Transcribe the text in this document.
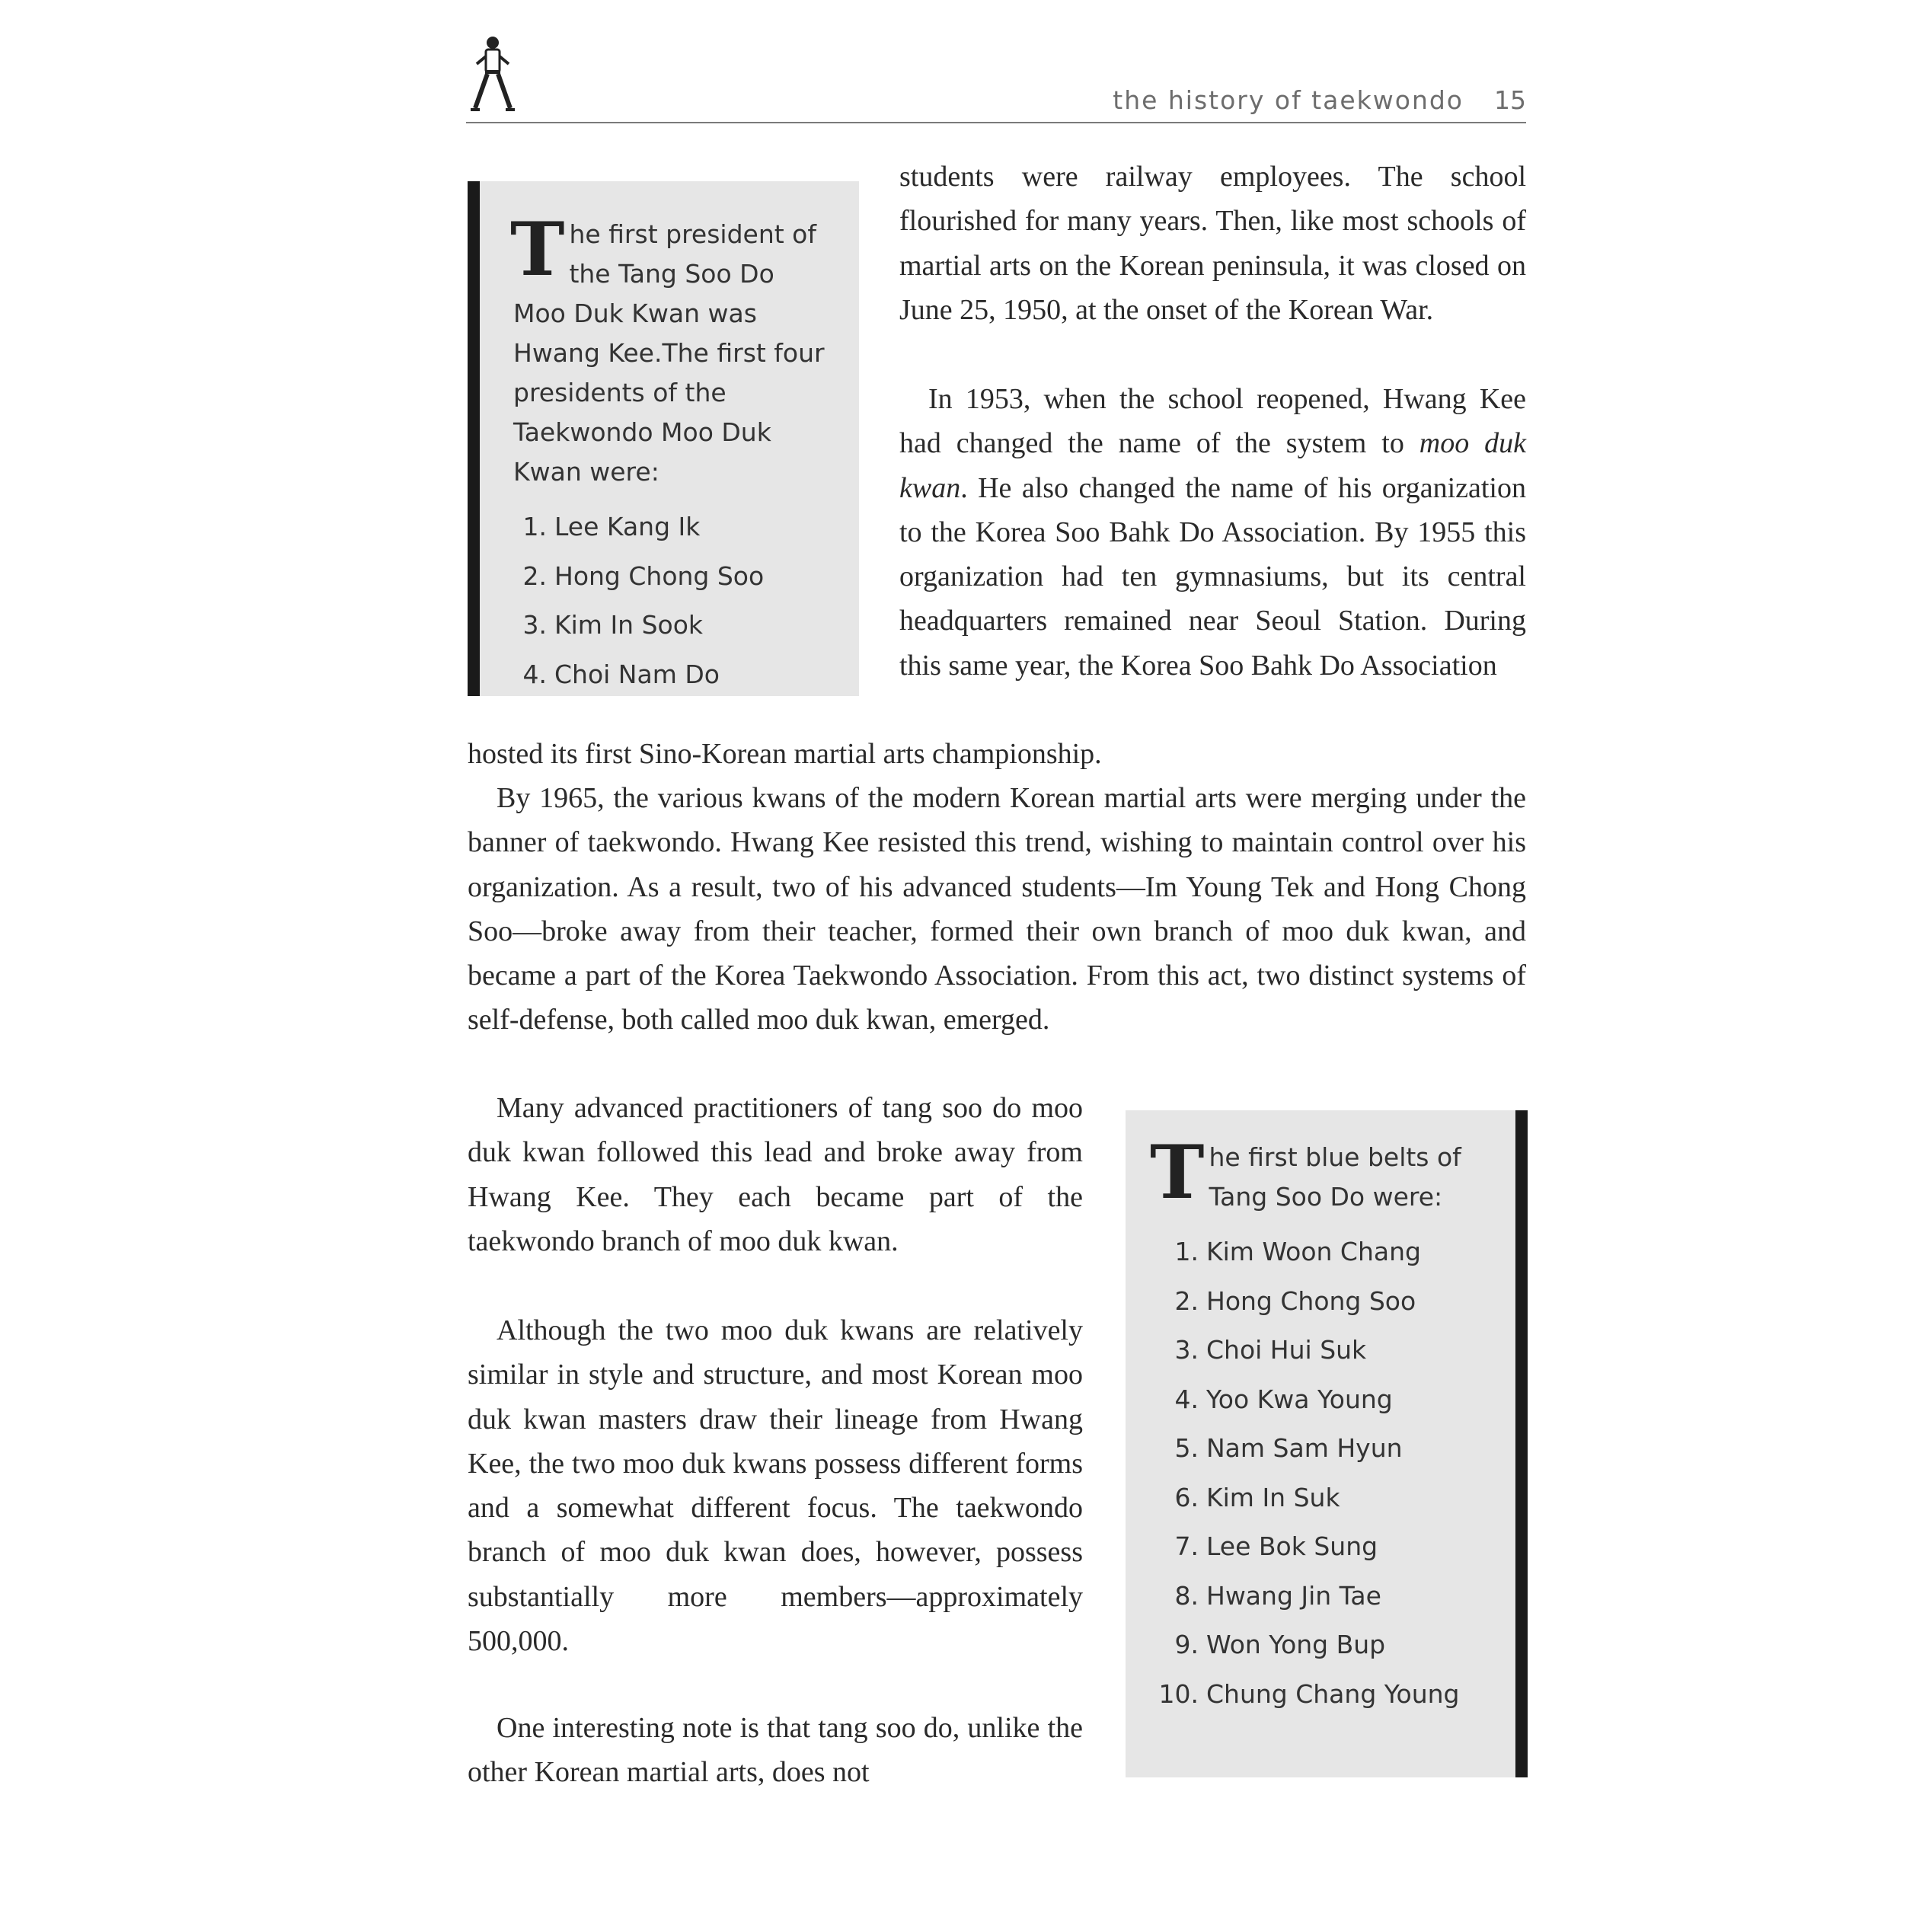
the history of taekwondo 15

The first president of the Tang Soo Do Moo Duk Kwan was Hwang Kee.The first four presidents of the Taekwondo Moo Duk Kwan were:

1. Lee Kang Ik
2. Hong Chong Soo
3. Kim In Sook
4. Choi Nam Do

students were railway employees. The school flourished for many years. Then, like most schools of martial arts on the Korean peninsula, it was closed on June 25, 1950, at the onset of the Korean War.

In 1953, when the school reopened, Hwang Kee had changed the name of the system to moo duk kwan. He also changed the name of his organization to the Korea Soo Bahk Do Association. By 1955 this organization had ten gymnasiums, but its central headquarters remained near Seoul Station. During this same year, the Korea Soo Bahk Do Association

hosted its first Sino-Korean martial arts championship.

By 1965, the various kwans of the modern Korean martial arts were merging under the banner of taekwondo. Hwang Kee resisted this trend, wishing to maintain control over his organization. As a result, two of his advanced students—Im Young Tek and Hong Chong Soo—broke away from their teacher, formed their own branch of moo duk kwan, and became a part of the Korea Taekwondo Association. From this act, two distinct systems of self-defense, both called moo duk kwan, emerged.

Many advanced practitioners of tang soo do moo duk kwan followed this lead and broke away from Hwang Kee. They each became part of the taekwondo branch of moo duk kwan.

Although the two moo duk kwans are relatively similar in style and structure, and most Korean moo duk kwan masters draw their lineage from Hwang Kee, the two moo duk kwans possess different forms and a somewhat different focus. The taekwondo branch of moo duk kwan does, however, possess substantially more members—approximately 500,000.

One interesting note is that tang soo do, unlike the other Korean martial arts, does not

The first blue belts of Tang Soo Do were:

1. Kim Woon Chang
2. Hong Chong Soo
3. Choi Hui Suk
4. Yoo Kwa Young
5. Nam Sam Hyun
6. Kim In Suk
7. Lee Bok Sung
8. Hwang Jin Tae
9. Won Yong Bup
10. Chung Chang Young
